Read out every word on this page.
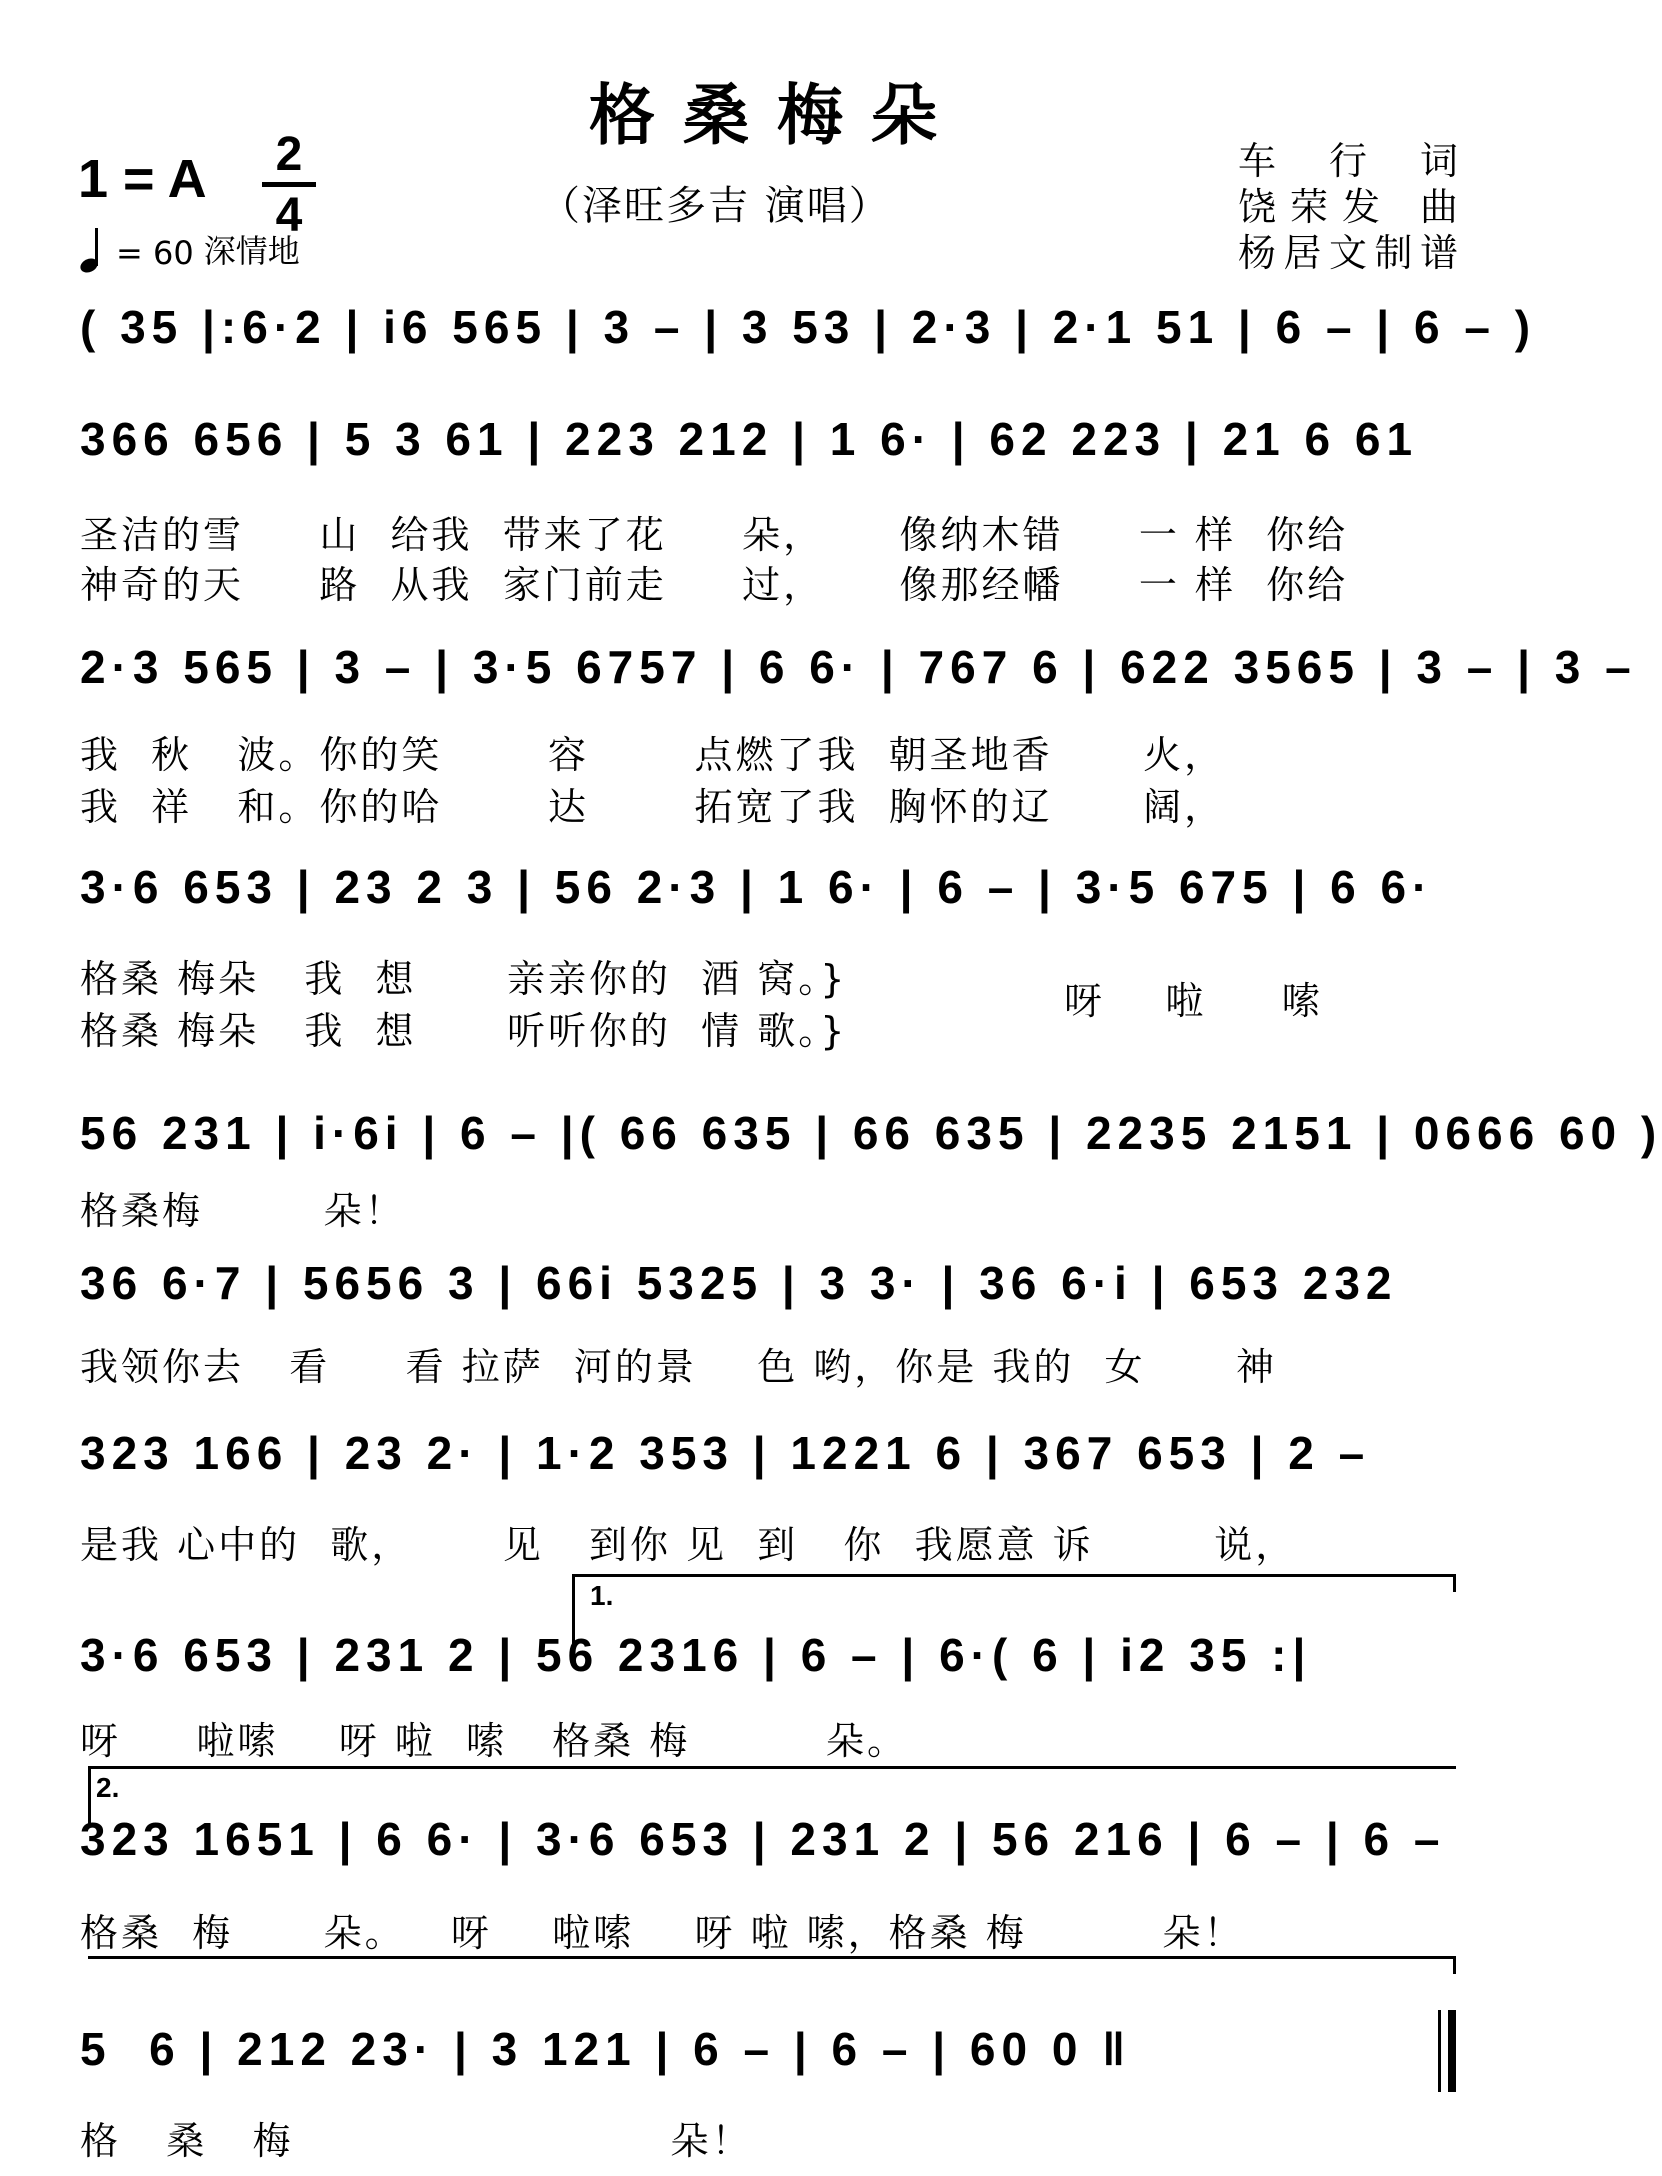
格桑梅朵
1 = A 2
4	（泽旺多吉 演唱）
= 60 深情地
车 行 词
饶荣发 曲
杨居文制谱
( 35 |:6·2 | i6 565 | 3 – | 3 53 | 2·3 | 2·1 51 | 6 – | 6 – )
366 656 | 5 3 61 | 223 212 | 1 6· | 62 223 | 21 6 61
圣洁的雪     山  给我  带来了花     朵，     像纳木错     一 样  你给
神奇的天     路  从我  家门前走     过，     像那经幡     一 样  你给
2·3 565 | 3 – | 3·5 6757 | 6 6· | 767 6 | 622 3565 | 3 – | 3 –
我  秋   波。你的笑       容       点燃了我  朝圣地香      火，
我  祥   和。你的哈       达       拓宽了我  胸怀的辽      阔，
3·6 653 | 23 2 3 | 56 2·3 | 1 6· | 6 – | 3·5 675 | 6 6·
格桑 梅朵   我  想      亲亲你的  酒 窝。}
格桑 梅朵   我  想      听听你的  情 歌。}
呀    啦     嗦
56 231 | i·6i | 6 – |( 66 635 | 66 635 | 2235 2151 | 0666 60 )
格桑梅        朵！
36 6·7 | 5656 3 | 66i 5325 | 3 3· | 36 6·i | 653 232
我领你去   看     看 拉萨  河的景    色 哟，你是 我的  女      神
323 166 | 23 2· | 1·2 353 | 1221 6 | 367 653 | 2 –
是我 心中的  歌，      见   到你 见  到   你  我愿意 诉        说，
1.
3·6 653 | 231 2 | 56 2316 | 6 – | 6·( 6 | i2 35 :|
呀     啦嗦    呀 啦  嗦   格桑 梅         朵。
2.
323 1651 | 6 6· | 3·6 653 | 231 2 | 56 216 | 6 – | 6 –
格桑  梅      朵。   呀    啦嗦    呀 啦 嗦，格桑 梅         朵！
5  6 | 212 23· | 3 121 | 6 – | 6 – | 60 0 ‖
格   桑   梅                         朵！
